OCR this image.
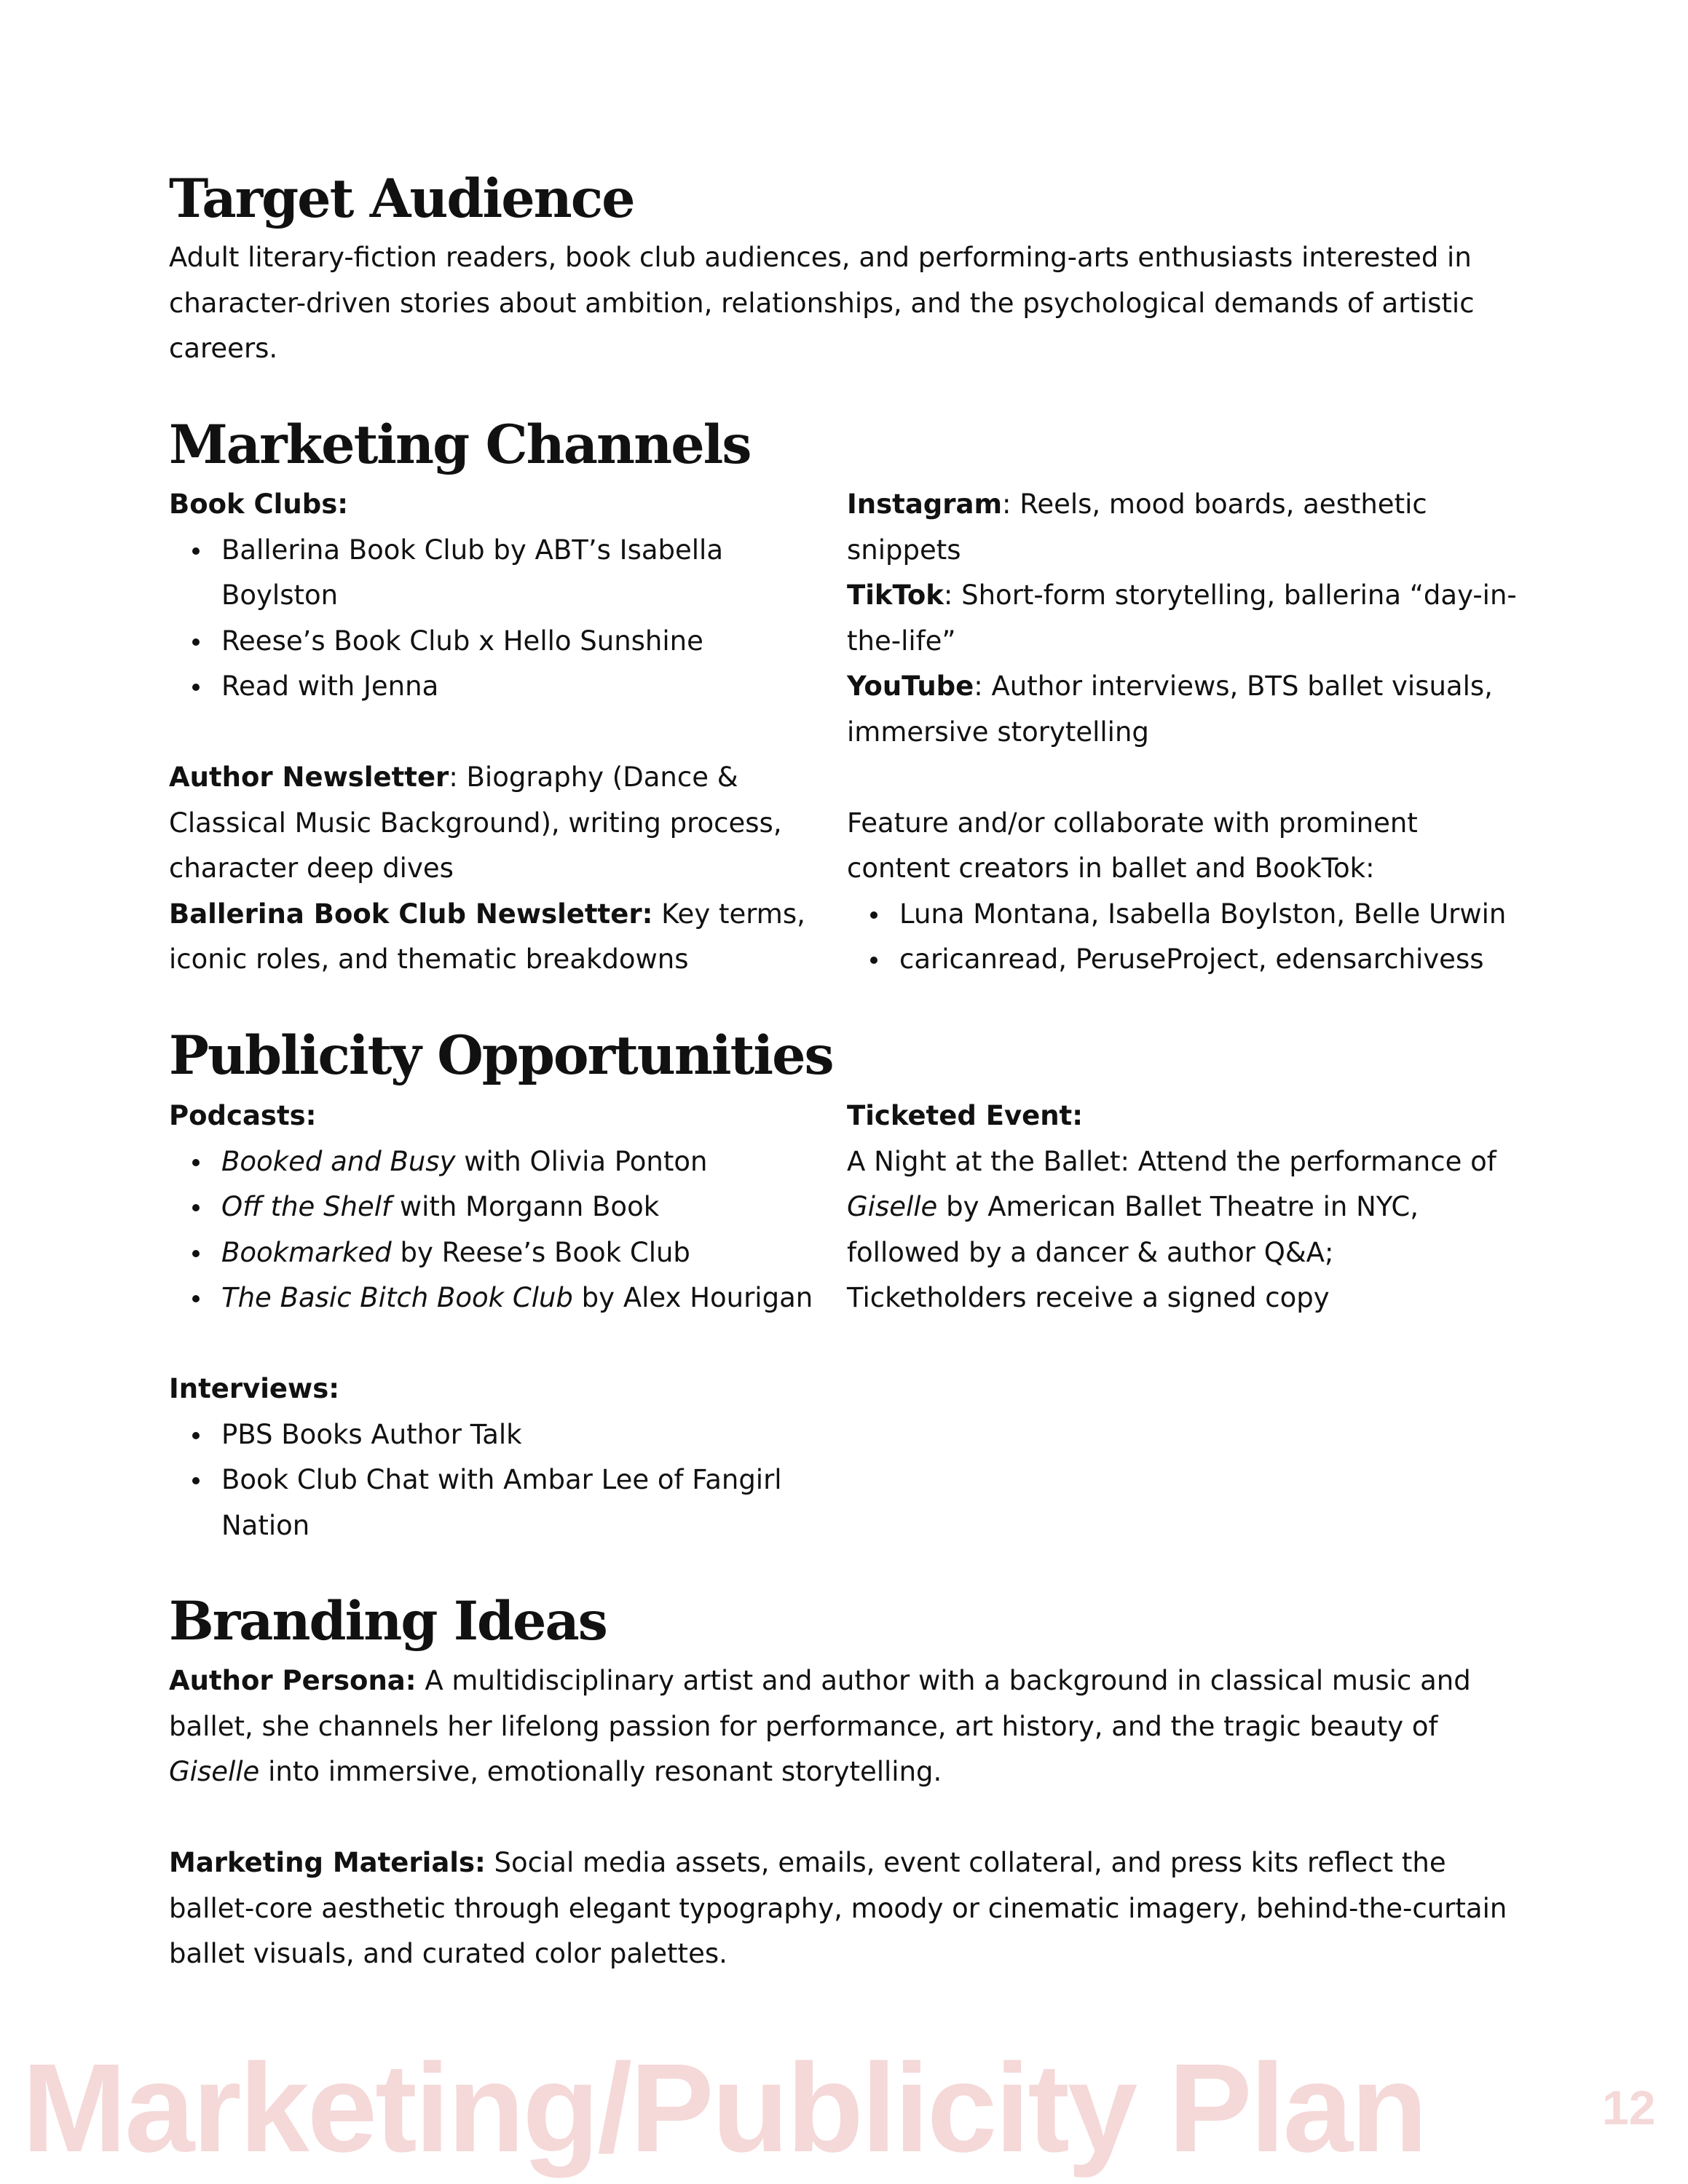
Target Audience
Adult literary-fiction readers, book club audiences, and performing-arts enthusiasts interested in
character-driven stories about ambition, relationships, and the psychological demands of artistic
careers.
Marketing Channels
Book Clubs:
Ballerina Book Club by ABT’s Isabella
Boylston
Reese’s Book Club x Hello Sunshine
Read with Jenna
Author Newsletter: Biography (Dance &
Classical Music Background), writing process,
character deep dives
Ballerina Book Club Newsletter: Key terms,
iconic roles, and thematic breakdowns
Instagram: Reels, mood boards, aesthetic
snippets
TikTok: Short-form storytelling, ballerina “day-in-
the-life”
YouTube: Author interviews, BTS ballet visuals,
immersive storytelling
Feature and/or collaborate with prominent
content creators in ballet and BookTok:
Luna Montana, Isabella Boylston, Belle Urwin
caricanread, PeruseProject, edensarchivess
Publicity Opportunities
Podcasts:
Booked and Busy with Olivia Ponton
Off the Shelf with Morgann Book
Bookmarked by Reese’s Book Club
The Basic Bitch Book Club by Alex Hourigan
Interviews:
PBS Books Author Talk
Book Club Chat with Ambar Lee of Fangirl
Nation
Ticketed Event:
A Night at the Ballet: Attend the performance of
Giselle by American Ballet Theatre in NYC,
followed by a dancer & author Q&A;
Ticketholders receive a signed copy
Branding Ideas
Author Persona: A multidisciplinary artist and author with a background in classical music and
ballet, she channels her lifelong passion for performance, art history, and the tragic beauty of
Giselle into immersive, emotionally resonant storytelling.
Marketing Materials: Social media assets, emails, event collateral, and press kits reflect the
ballet-core aesthetic through elegant typography, moody or cinematic imagery, behind-the-curtain
ballet visuals, and curated color palettes.
Marketing/Publicity Plan	12
